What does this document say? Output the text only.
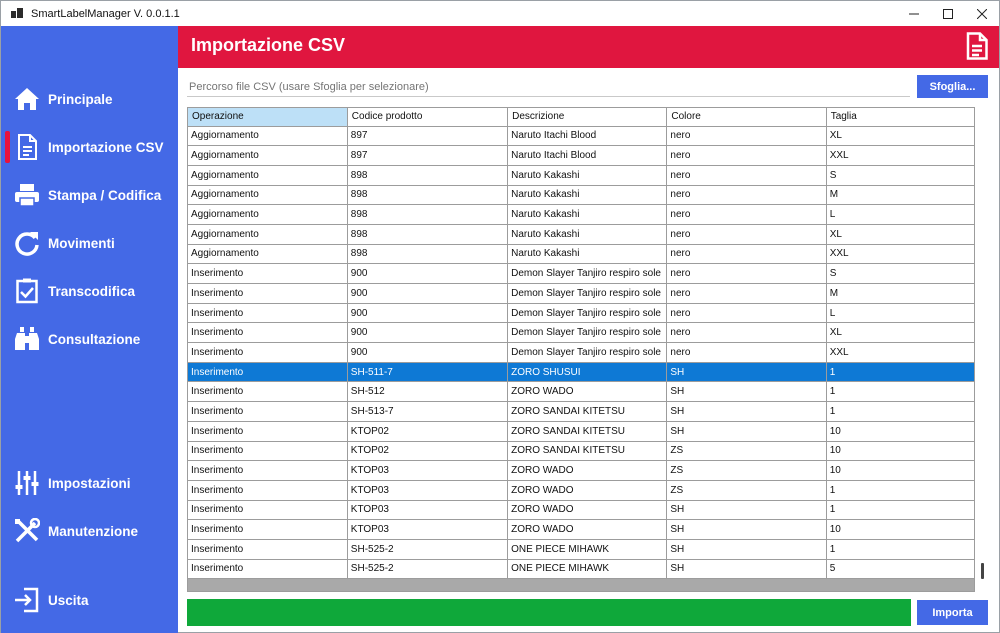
SmartLabelManager V. 0.0.1.1
Principale
Importazione CSV
Stampa / Codifica
Movimenti
Transcodifica
Consultazione
Impostazioni
Manutenzione
Uscita
Importazione CSV
Percorso file CSV (usare Sfoglia per selezionare)
Sfoglia...
Operazione	Codice prodotto	Descrizione	Colore	Taglia
Aggiornamento	897	Naruto Itachi Blood	nero	XL
Aggiornamento	897	Naruto Itachi Blood	nero	XXL
Aggiornamento	898	Naruto Kakashi	nero	S
Aggiornamento	898	Naruto Kakashi	nero	M
Aggiornamento	898	Naruto Kakashi	nero	L
Aggiornamento	898	Naruto Kakashi	nero	XL
Aggiornamento	898	Naruto Kakashi	nero	XXL
Inserimento	900	Demon Slayer Tanjiro respiro sole	nero	S
Inserimento	900	Demon Slayer Tanjiro respiro sole	nero	M
Inserimento	900	Demon Slayer Tanjiro respiro sole	nero	L
Inserimento	900	Demon Slayer Tanjiro respiro sole	nero	XL
Inserimento	900	Demon Slayer Tanjiro respiro sole	nero	XXL
Inserimento	SH-511-7	ZORO SHUSUI	SH	1
Inserimento	SH-512	ZORO WADO	SH	1
Inserimento	SH-513-7	ZORO SANDAI KITETSU	SH	1
Inserimento	KTOP02	ZORO SANDAI KITETSU	SH	10
Inserimento	KTOP02	ZORO SANDAI KITETSU	ZS	10
Inserimento	KTOP03	ZORO WADO	ZS	10
Inserimento	KTOP03	ZORO WADO	ZS	1
Inserimento	KTOP03	ZORO WADO	SH	1
Inserimento	KTOP03	ZORO WADO	SH	10
Inserimento	SH-525-2	ONE PIECE MIHAWK	SH	1
Inserimento	SH-525-2	ONE PIECE MIHAWK	SH	5
Importa
